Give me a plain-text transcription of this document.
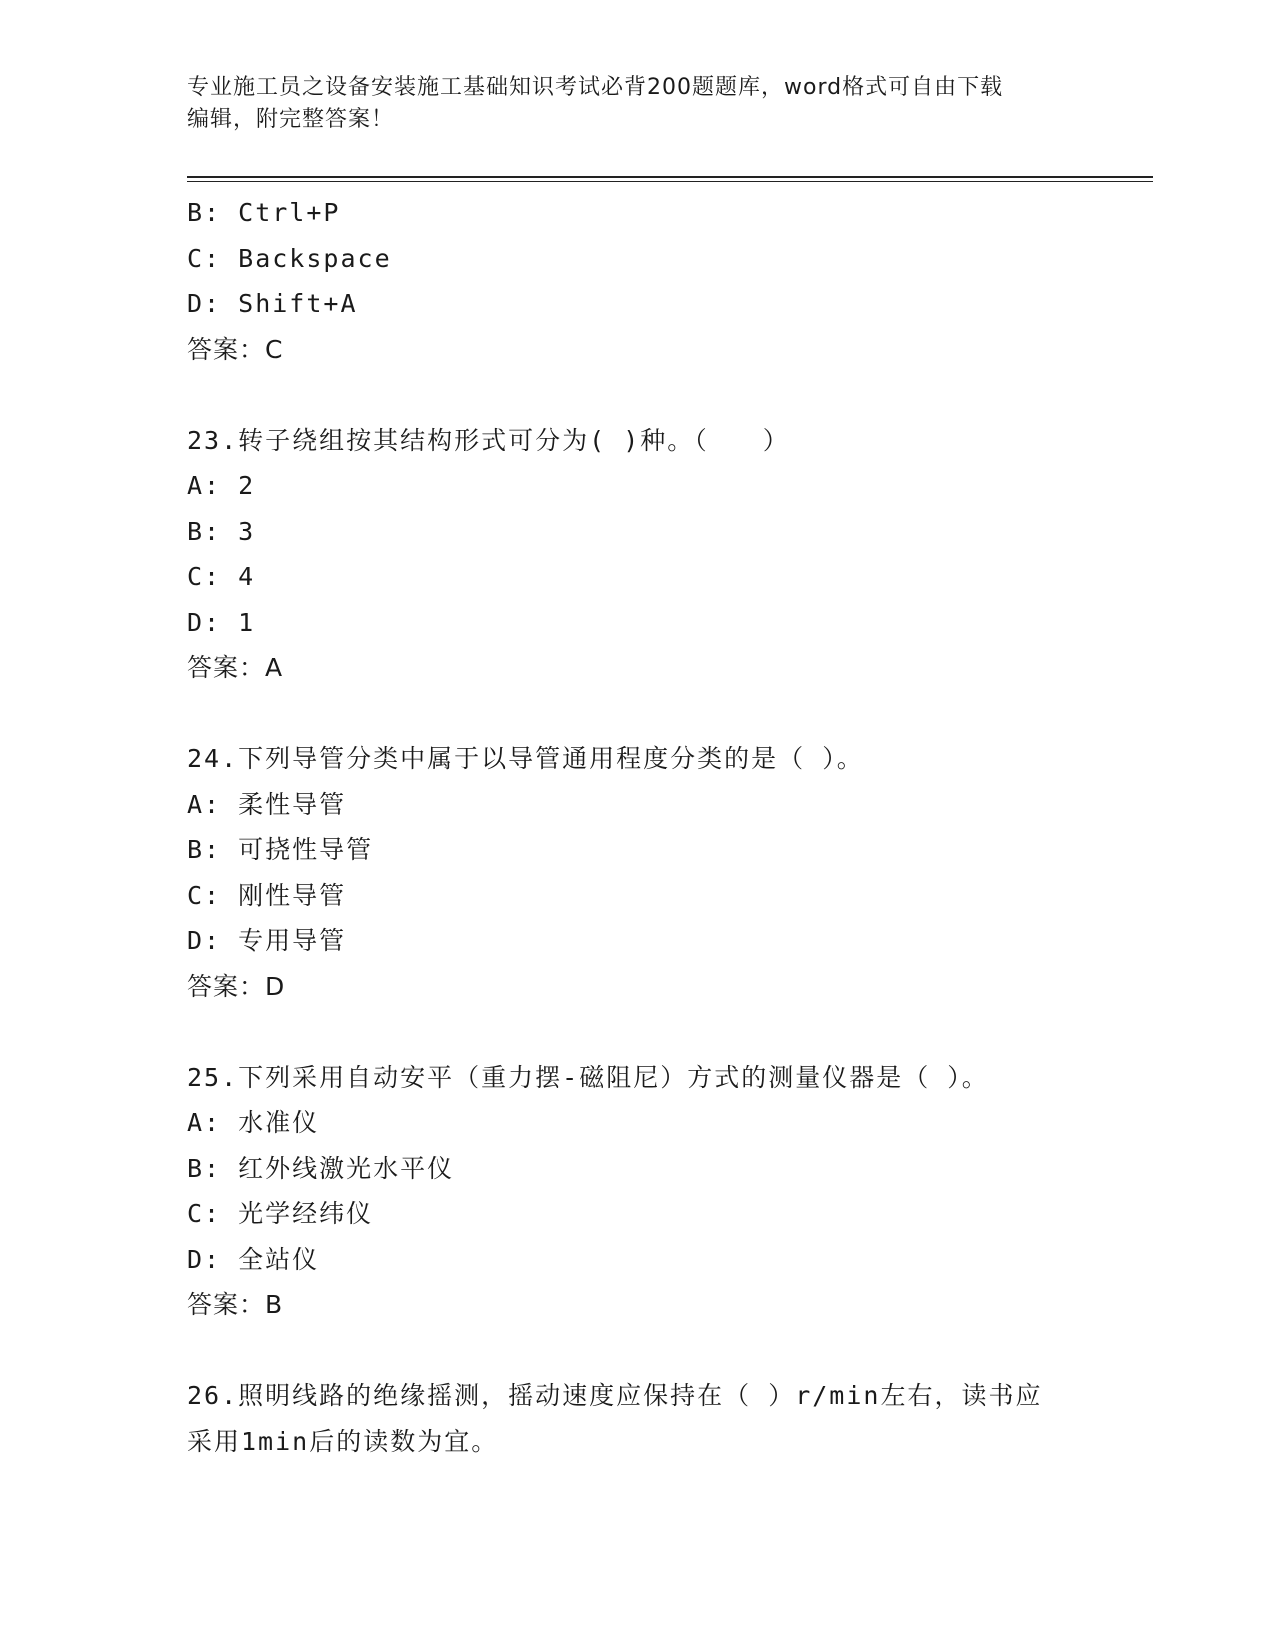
专业施工员之设备安装施工基础知识考试必背200题题库，word格式可自由下载
编辑，附完整答案！
B: Ctrl+P
C: Backspace
D: Shift+A
答案：C
23.转子绕组按其结构形式可分为( )种。（　　）
A: 2
B: 3
C: 4
D: 1
答案：A
24.下列导管分类中属于以导管通用程度分类的是（ ）。
A: 柔性导管
B: 可挠性导管
C: 刚性导管
D: 专用导管
答案：D
25.下列采用自动安平（重力摆-磁阻尼）方式的测量仪器是（ ）。
A: 水准仪
B: 红外线激光水平仪
C: 光学经纬仪
D: 全站仪
答案：B
26.照明线路的绝缘摇测，摇动速度应保持在（ ）r/min左右，读书应
采用1min后的读数为宜。
